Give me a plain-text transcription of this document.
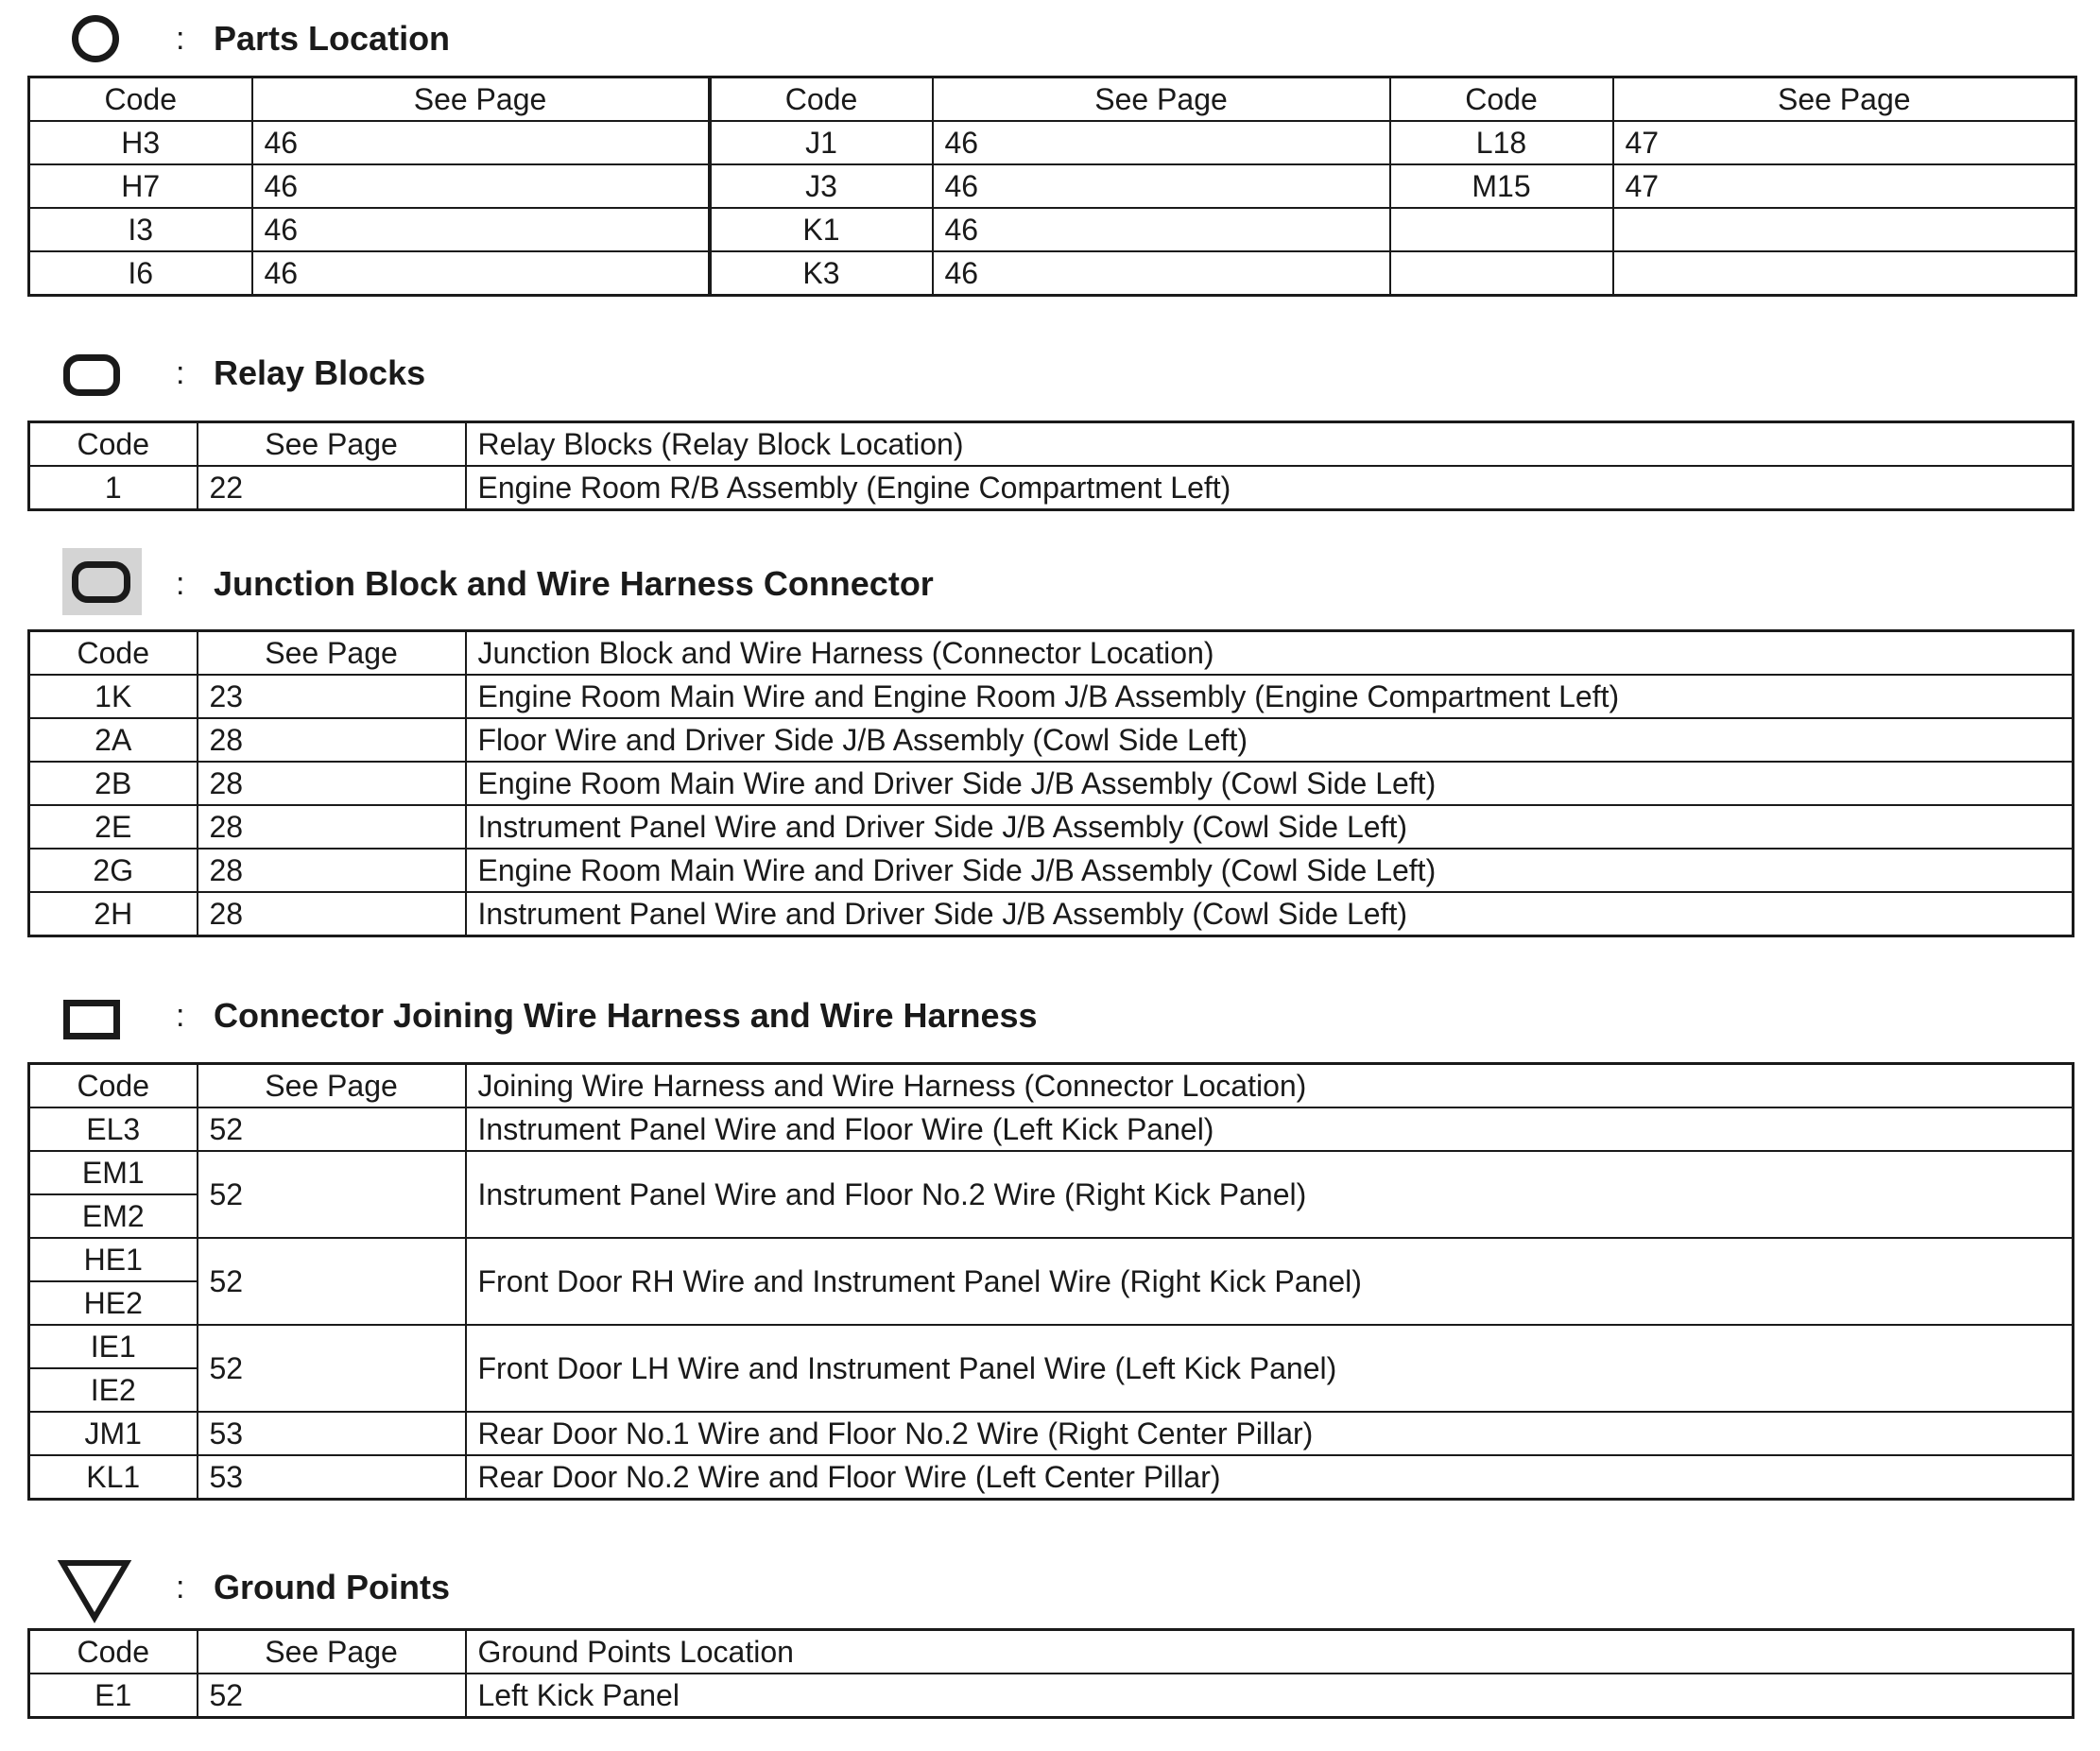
: Parts Location
Code	See Page	Code	See Page	Code	See Page
H3	46	J1	46	L18	47
H7	46	J3	46	M15	47
I3	46	K1	46		
I6	46	K3	46		
: Relay Blocks
Code	See Page	Relay Blocks (Relay Block Location)
1	22	Engine Room R/B Assembly (Engine Compartment Left)
: Junction Block and Wire Harness Connector
Code	See Page	Junction Block and Wire Harness (Connector Location)
1K	23	Engine Room Main Wire and Engine Room J/B Assembly (Engine Compartment Left)
2A	28	Floor Wire and Driver Side J/B Assembly (Cowl Side Left)
2B	28	Engine Room Main Wire and Driver Side J/B Assembly (Cowl Side Left)
2E	28	Instrument Panel Wire and Driver Side J/B Assembly (Cowl Side Left)
2G	28	Engine Room Main Wire and Driver Side J/B Assembly (Cowl Side Left)
2H	28	Instrument Panel Wire and Driver Side J/B Assembly (Cowl Side Left)
: Connector Joining Wire Harness and Wire Harness
Code	See Page	Joining Wire Harness and Wire Harness (Connector Location)
EL3	52	Instrument Panel Wire and Floor Wire (Left Kick Panel)
EM1	52	Instrument Panel Wire and Floor No.2 Wire (Right Kick Panel)
EM2		
HE1	52	Front Door RH Wire and Instrument Panel Wire (Right Kick Panel)
HE2		
IE1	52	Front Door LH Wire and Instrument Panel Wire (Left Kick Panel)
IE2		
JM1	53	Rear Door No.1 Wire and Floor No.2 Wire (Right Center Pillar)
KL1	53	Rear Door No.2 Wire and Floor Wire (Left Center Pillar)
: Ground Points
Code	See Page	Ground Points Location
E1	52	Left Kick Panel
